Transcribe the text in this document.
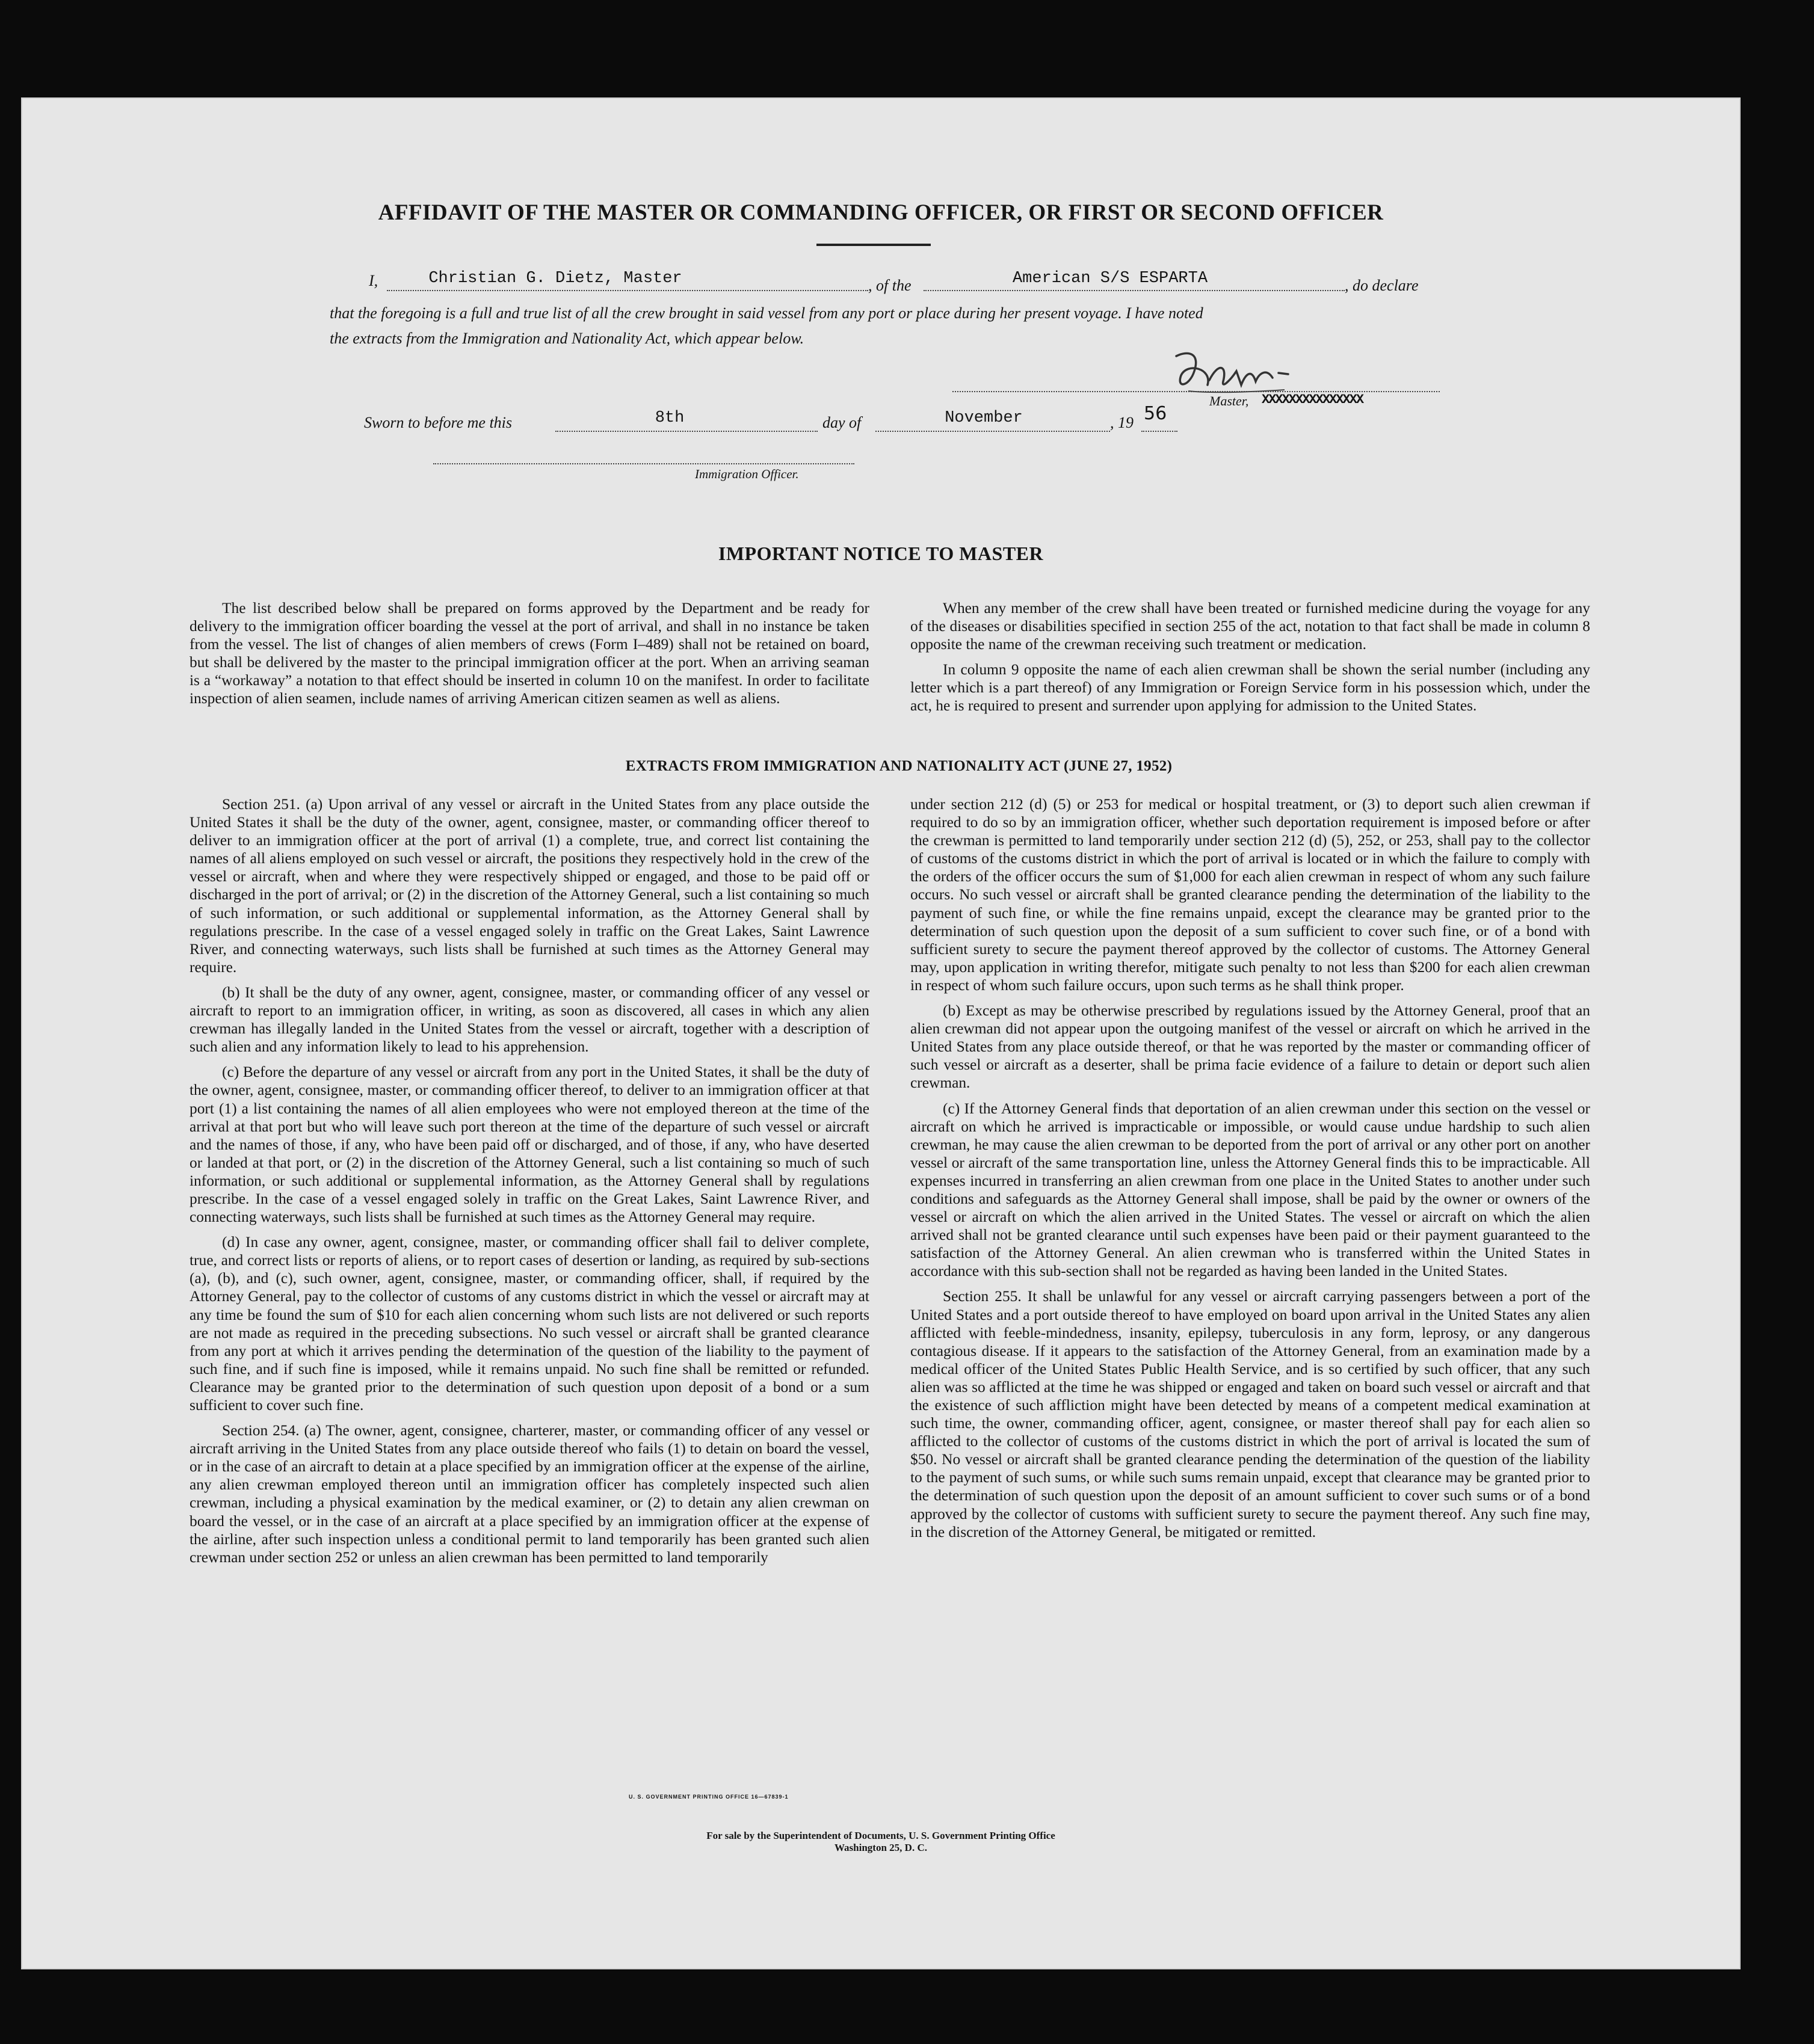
AFFIDAVIT OF THE MASTER OR COMMANDING OFFICER, OR FIRST OR SECOND OFFICER
I,	Christian G. Dietz, Master	, of the	American S/S ESPARTA	, do declare
that the foregoing is a full and true list of all the crew brought in said vessel from any port or place during her present voyage. I have noted
the extracts from the Immigration and Nationality Act, which appear below.
Master, XXXXXXXXXXXXXXX
Sworn to before me this	8th	day of	November	, 19 56
Immigration Officer.
IMPORTANT NOTICE TO MASTER

The list described below shall be prepared on forms approved by the Department and be ready for delivery to the immigration officer boarding the vessel at the port of arrival, and shall in no instance be taken from the vessel. The list of changes of alien members of crews (Form I–489) shall not be retained on board, but shall be delivered by the master to the principal immigration officer at the port. When an arriving seaman is a “workaway” a notation to that effect should be inserted in column 10 on the manifest. In order to facilitate inspection of alien seamen, include names of arriving American citizen seamen as well as aliens.

When any member of the crew shall have been treated or furnished medicine during the voyage for any of the diseases or disabilities specified in section 255 of the act, notation to that fact shall be made in column 8 opposite the name of the crewman receiving such treatment or medication.

In column 9 opposite the name of each alien crewman shall be shown the serial number (including any letter which is a part thereof) of any Immigration or Foreign Service form in his possession which, under the act, he is required to present and surrender upon applying for admission to the United States.

EXTRACTS FROM IMMIGRATION AND NATIONALITY ACT (JUNE 27, 1952)

Section 251. (a) Upon arrival of any vessel or aircraft in the United States from any place outside the United States it shall be the duty of the owner, agent, consignee, master, or commanding officer thereof to deliver to an immigration officer at the port of arrival (1) a complete, true, and correct list containing the names of all aliens employed on such vessel or aircraft, the positions they respectively hold in the crew of the vessel or aircraft, when and where they were respectively shipped or engaged, and those to be paid off or discharged in the port of arrival; or (2) in the discretion of the Attorney General, such a list containing so much of such information, or such additional or supplemental information, as the Attorney General shall by regulations prescribe. In the case of a vessel engaged solely in traffic on the Great Lakes, Saint Lawrence River, and connecting waterways, such lists shall be furnished at such times as the Attorney General may require.

(b) It shall be the duty of any owner, agent, consignee, master, or commanding officer of any vessel or aircraft to report to an immigration officer, in writing, as soon as discovered, all cases in which any alien crewman has illegally landed in the United States from the vessel or aircraft, together with a description of such alien and any information likely to lead to his apprehension.

(c) Before the departure of any vessel or aircraft from any port in the United States, it shall be the duty of the owner, agent, consignee, master, or commanding officer thereof, to deliver to an immigration officer at that port (1) a list containing the names of all alien employees who were not employed thereon at the time of the arrival at that port but who will leave such port thereon at the time of the departure of such vessel or aircraft and the names of those, if any, who have been paid off or discharged, and of those, if any, who have deserted or landed at that port, or (2) in the discretion of the Attorney General, such a list containing so much of such information, or such additional or supplemental information, as the Attorney General shall by regulations prescribe. In the case of a vessel engaged solely in traffic on the Great Lakes, Saint Lawrence River, and connecting waterways, such lists shall be furnished at such times as the Attorney General may require.

(d) In case any owner, agent, consignee, master, or commanding officer shall fail to deliver complete, true, and correct lists or reports of aliens, or to report cases of desertion or landing, as required by sub-sections (a), (b), and (c), such owner, agent, consignee, master, or commanding officer, shall, if required by the Attorney General, pay to the collector of customs of any customs district in which the vessel or aircraft may at any time be found the sum of $10 for each alien concerning whom such lists are not delivered or such reports are not made as required in the preceding subsections. No such vessel or aircraft shall be granted clearance from any port at which it arrives pending the determination of the question of the liability to the payment of such fine, and if such fine is imposed, while it remains unpaid. No such fine shall be remitted or refunded. Clearance may be granted prior to the determination of such question upon deposit of a bond or a sum sufficient to cover such fine.

Section 254. (a) The owner, agent, consignee, charterer, master, or commanding officer of any vessel or aircraft arriving in the United States from any place outside thereof who fails (1) to detain on board the vessel, or in the case of an aircraft to detain at a place specified by an immigration officer at the expense of the airline, any alien crewman employed thereon until an immigration officer has completely inspected such alien crewman, including a physical examination by the medical examiner, or (2) to detain any alien crewman on board the vessel, or in the case of an aircraft at a place specified by an immigration officer at the expense of the airline, after such inspection unless a conditional permit to land temporarily has been granted such alien crewman under section 252 or unless an alien crewman has been permitted to land temporarily

under section 212 (d) (5) or 253 for medical or hospital treatment, or (3) to deport such alien crewman if required to do so by an immigration officer, whether such deportation requirement is imposed before or after the crewman is permitted to land temporarily under section 212 (d) (5), 252, or 253, shall pay to the collector of customs of the customs district in which the port of arrival is located or in which the failure to comply with the orders of the officer occurs the sum of $1,000 for each alien crewman in respect of whom any such failure occurs. No such vessel or aircraft shall be granted clearance pending the determination of the liability to the payment of such fine, or while the fine remains unpaid, except the clearance may be granted prior to the determination of such question upon the deposit of a sum sufficient to cover such fine, or of a bond with sufficient surety to secure the payment thereof approved by the collector of customs. The Attorney General may, upon application in writing therefor, mitigate such penalty to not less than $200 for each alien crewman in respect of whom such failure occurs, upon such terms as he shall think proper.

(b) Except as may be otherwise prescribed by regulations issued by the Attorney General, proof that an alien crewman did not appear upon the outgoing manifest of the vessel or aircraft on which he arrived in the United States from any place outside thereof, or that he was reported by the master or commanding officer of such vessel or aircraft as a deserter, shall be prima facie evidence of a failure to detain or deport such alien crewman.

(c) If the Attorney General finds that deportation of an alien crewman under this section on the vessel or aircraft on which he arrived is impracticable or impossible, or would cause undue hardship to such alien crewman, he may cause the alien crewman to be deported from the port of arrival or any other port on another vessel or aircraft of the same transportation line, unless the Attorney General finds this to be impracticable. All expenses incurred in transferring an alien crewman from one place in the United States to another under such conditions and safeguards as the Attorney General shall impose, shall be paid by the owner or owners of the vessel or aircraft on which the alien arrived in the United States. The vessel or aircraft on which the alien arrived shall not be granted clearance until such expenses have been paid or their payment guaranteed to the satisfaction of the Attorney General. An alien crewman who is transferred within the United States in accordance with this sub-section shall not be regarded as having been landed in the United States.

Section 255. It shall be unlawful for any vessel or aircraft carrying passengers between a port of the United States and a port outside thereof to have employed on board upon arrival in the United States any alien afflicted with feeble-mindedness, insanity, epilepsy, tuberculosis in any form, leprosy, or any dangerous contagious disease. If it appears to the satisfaction of the Attorney General, from an examination made by a medical officer of the United States Public Health Service, and is so certified by such officer, that any such alien was so afflicted at the time he was shipped or engaged and taken on board such vessel or aircraft and that the existence of such affliction might have been detected by means of a competent medical examination at such time, the owner, commanding officer, agent, consignee, or master thereof shall pay for each alien so afflicted to the collector of customs of the customs district in which the port of arrival is located the sum of $50. No vessel or aircraft shall be granted clearance pending the determination of the question of the liability to the payment of such sums, or while such sums remain unpaid, except that clearance may be granted prior to the determination of such question upon the deposit of an amount sufficient to cover such sums or of a bond approved by the collector of customs with sufficient surety to secure the payment thereof. Any such fine may, in the discretion of the Attorney General, be mitigated or remitted.

U. S. GOVERNMENT PRINTING OFFICE 16—67839-1
For sale by the Superintendent of Documents, U. S. Government Printing Office
Washington 25, D. C.
